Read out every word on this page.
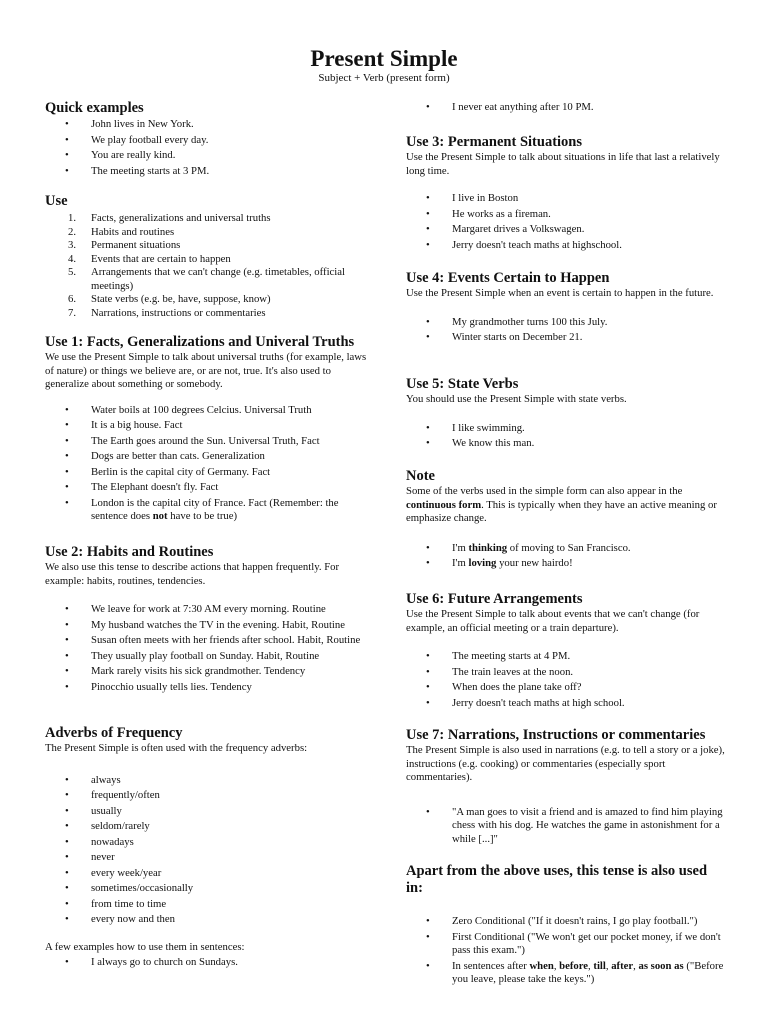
Present Simple
Subject + Verb (present form)
Quick examples
• John lives in New York.
• We play football every day.
• You are really kind.
• The meeting starts at 3 PM.
Use
1. Facts, generalizations and universal truths
2. Habits and routines
3. Permanent situations
4. Events that are certain to happen
5. Arrangements that we can't change (e.g. timetables, official meetings)
6. State verbs (e.g. be, have, suppose, know)
7. Narrations, instructions or commentaries
Use 1: Facts, Generalizations and Univeral Truths

We use the Present Simple to talk about universal truths (for example, laws of nature) or things we believe are, or are not, true. It's also used to generalize about something or somebody.

• Water boils at 100 degrees Celcius. Universal Truth
• It is a big house. Fact
• The Earth goes around the Sun. Universal Truth, Fact
• Dogs are better than cats. Generalization
• Berlin is the capital city of Germany. Fact
• The Elephant doesn't fly. Fact
• London is the capital city of France. Fact (Remember: the sentence does not have to be true)
Use 2: Habits and Routines

We also use this tense to describe actions that happen frequently. For example: habits, routines, tendencies.

• We leave for work at 7:30 AM every morning. Routine
• My husband watches the TV in the evening. Habit, Routine
• Susan often meets with her friends after school. Habit, Routine
• They usually play football on Sunday. Habit, Routine
• Mark rarely visits his sick grandmother. Tendency
• Pinocchio usually tells lies. Tendency
Adverbs of Frequency

The Present Simple is often used with the frequency adverbs:

• always
• frequently/often
• usually
• seldom/rarely
• nowadays
• never
• every week/year
• sometimes/occasionally
• from time to time
• every now and then

A few examples how to use them in sentences:

• I always go to church on Sundays.
• I never eat anything after 10 PM.
Use 3: Permanent Situations

Use the Present Simple to talk about situations in life that last a relatively long time.

• I live in Boston
• He works as a fireman.
• Margaret drives a Volkswagen.
• Jerry doesn't teach maths at highschool.
Use 4: Events Certain to Happen

Use the Present Simple when an event is certain to happen in the future.

• My grandmother turns 100 this July.
• Winter starts on December 21.
Use 5: State Verbs

You should use the Present Simple with state verbs.

• I like swimming.
• We know this man.
Note

Some of the verbs used in the simple form can also appear in the continuous form. This is typically when they have an active meaning or emphasize change.

• I'm thinking of moving to San Francisco.
• I'm loving your new hairdo!
Use 6: Future Arrangements

Use the Present Simple to talk about events that we can't change (for example, an official meeting or a train departure).

• The meeting starts at 4 PM.
• The train leaves at the noon.
• When does the plane take off?
• Jerry doesn't teach maths at high school.
Use 7: Narrations, Instructions or commentaries

The Present Simple is also used in narrations (e.g. to tell a story or a joke), instructions (e.g. cooking) or commentaries (especially sport commentaries).

• "A man goes to visit a friend and is amazed to find him playing chess with his dog. He watches the game in astonishment for a while [...]"
Apart from the above uses, this tense is also used in:
• Zero Conditional ("If it doesn't rains, I go play football.")
• First Conditional ("We won't get our pocket money, if we don't pass this exam.")
• In sentences after when, before, till, after, as soon as ("Before you leave, please take the keys.")
